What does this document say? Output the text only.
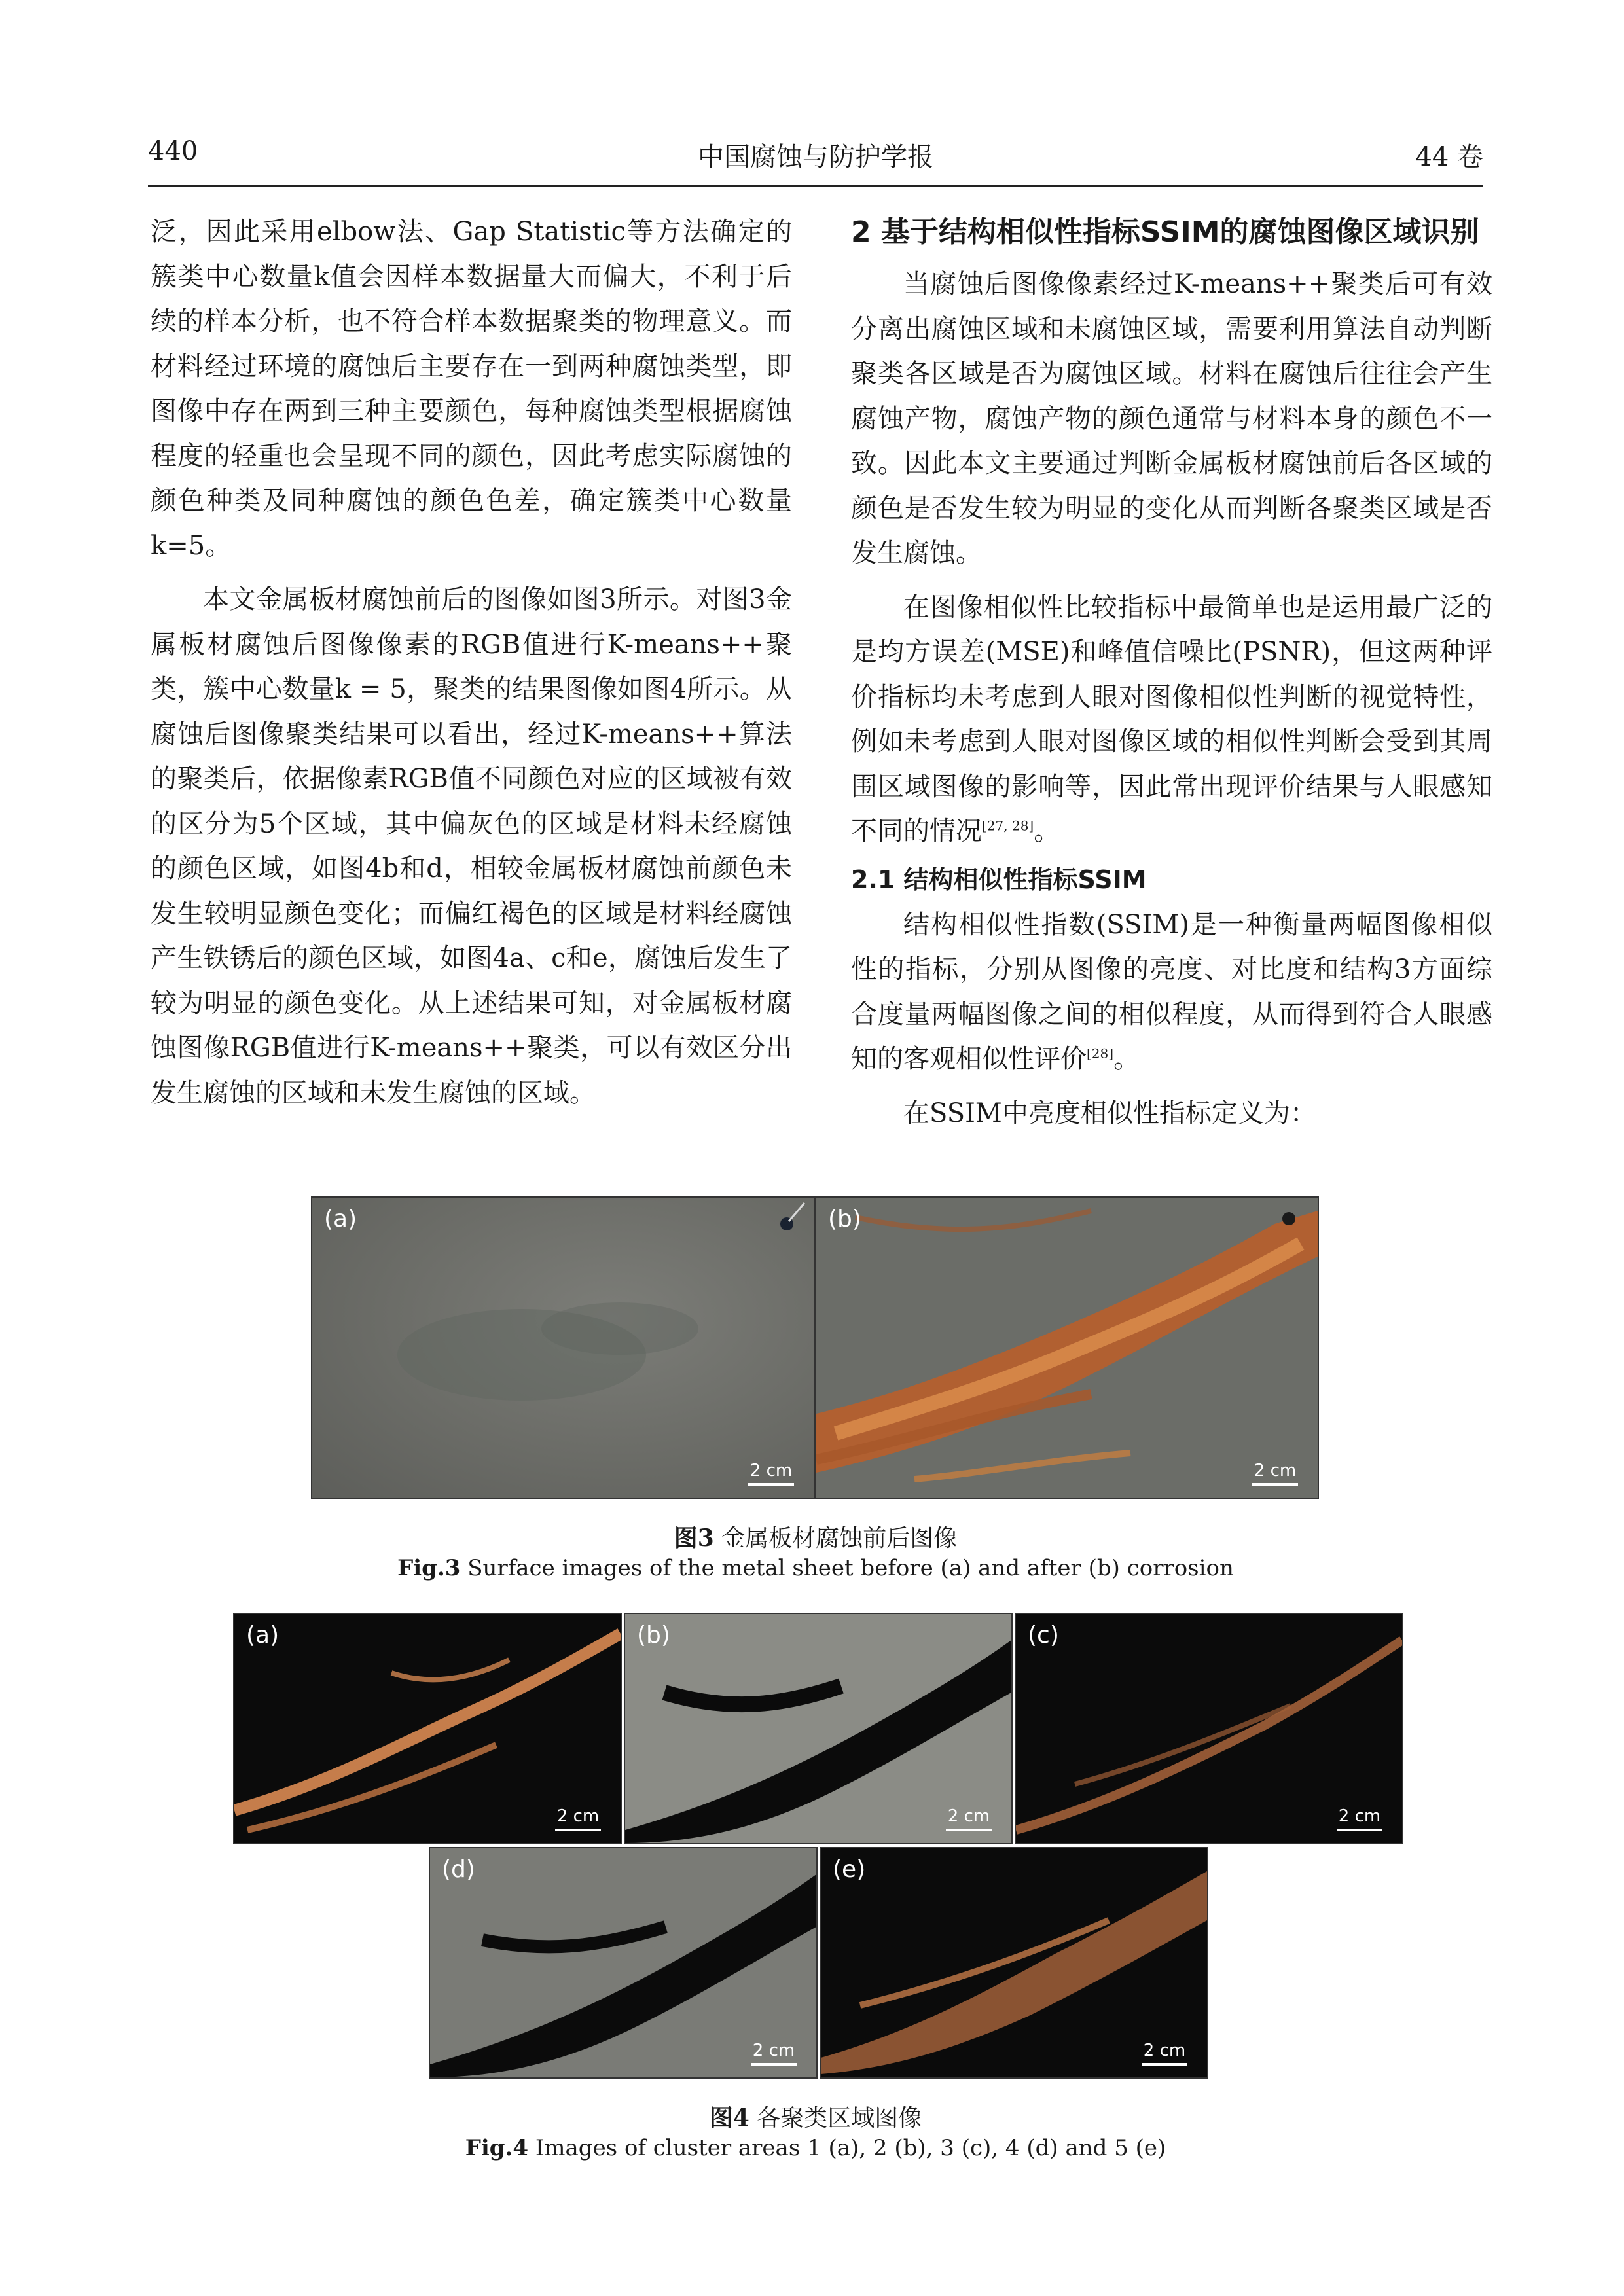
440	中国腐蚀与防护学报	44 卷

泛，因此采用elbow法、Gap Statistic等方法确定的簇类中心数量k值会因样本数据量大而偏大，不利于后续的样本分析，也不符合样本数据聚类的物理意义。而材料经过环境的腐蚀后主要存在一到两种腐蚀类型，即图像中存在两到三种主要颜色，每种腐蚀类型根据腐蚀程度的轻重也会呈现不同的颜色，因此考虑实际腐蚀的颜色种类及同种腐蚀的颜色色差，确定簇类中心数量k=5。

本文金属板材腐蚀前后的图像如图3所示。对图3金属板材腐蚀后图像像素的RGB值进行K-means++聚类，簇中心数量k = 5，聚类的结果图像如图4所示。从腐蚀后图像聚类结果可以看出，经过K-means++算法的聚类后，依据像素RGB值不同颜色对应的区域被有效的区分为5个区域，其中偏灰色的区域是材料未经腐蚀的颜色区域，如图4b和d，相较金属板材腐蚀前颜色未发生较明显颜色变化；而偏红褐色的区域是材料经腐蚀产生铁锈后的颜色区域，如图4a、c和e，腐蚀后发生了较为明显的颜色变化。从上述结果可知，对金属板材腐蚀图像RGB值进行K-means++聚类，可以有效区分出发生腐蚀的区域和未发生腐蚀的区域。

2 基于结构相似性指标SSIM的腐蚀图像区域识别

当腐蚀后图像像素经过K-means++聚类后可有效分离出腐蚀区域和未腐蚀区域，需要利用算法自动判断聚类各区域是否为腐蚀区域。材料在腐蚀后往往会产生腐蚀产物，腐蚀产物的颜色通常与材料本身的颜色不一致。因此本文主要通过判断金属板材腐蚀前后各区域的颜色是否发生较为明显的变化从而判断各聚类区域是否发生腐蚀。

在图像相似性比较指标中最简单也是运用最广泛的是均方误差(MSE)和峰值信噪比(PSNR)，但这两种评价指标均未考虑到人眼对图像相似性判断的视觉特性，例如未考虑到人眼对图像区域的相似性判断会受到其周围区域图像的影响等，因此常出现评价结果与人眼感知不同的情况[27, 28]。

2.1 结构相似性指标SSIM

结构相似性指数(SSIM)是一种衡量两幅图像相似性的指标，分别从图像的亮度、对比度和结构3方面综合度量两幅图像之间的相似程度，从而得到符合人眼感知的客观相似性评价[28]。

在SSIM中亮度相似性指标定义为：

(a)
2 cm
(b)
2 cm
图3 金属板材腐蚀前后图像
Fig.3 Surface images of the metal sheet before (a) and after (b) corrosion
(a)
2 cm
(b)
2 cm
(c)
2 cm
(d)
2 cm
(e)
2 cm
图4 各聚类区域图像
Fig.4 Images of cluster areas 1 (a), 2 (b), 3 (c), 4 (d) and 5 (e)
